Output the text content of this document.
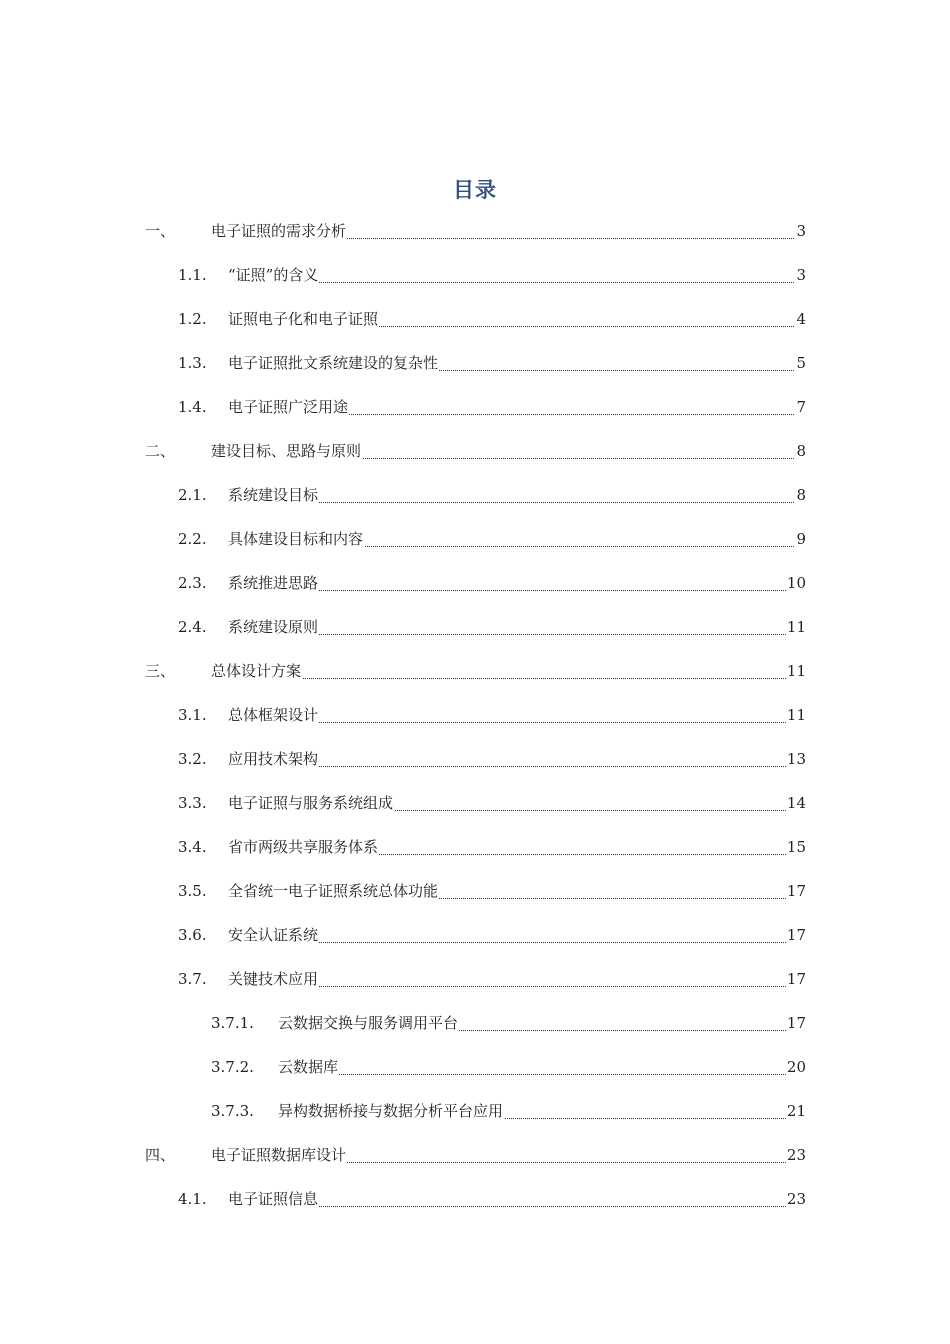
目录
一、 电子证照的需求分析	3
1.1. “证照”的含义	3
1.2. 证照电子化和电子证照	4
1.3. 电子证照批文系统建设的复杂性	5
1.4. 电子证照广泛用途	7
二、 建设目标、思路与原则	8
2.1. 系统建设目标	8
2.2. 具体建设目标和内容	9
2.3. 系统推进思路	10
2.4. 系统建设原则	11
三、 总体设计方案	11
3.1. 总体框架设计	11
3.2. 应用技术架构	13
3.3. 电子证照与服务系统组成	14
3.4. 省市两级共享服务体系	15
3.5. 全省统一电子证照系统总体功能	17
3.6. 安全认证系统	17
3.7. 关键技术应用	17
3.7.1. 云数据交换与服务调用平台	17
3.7.2. 云数据库	20
3.7.3. 异构数据桥接与数据分析平台应用	21
四、 电子证照数据库设计	23
4.1. 电子证照信息	23
